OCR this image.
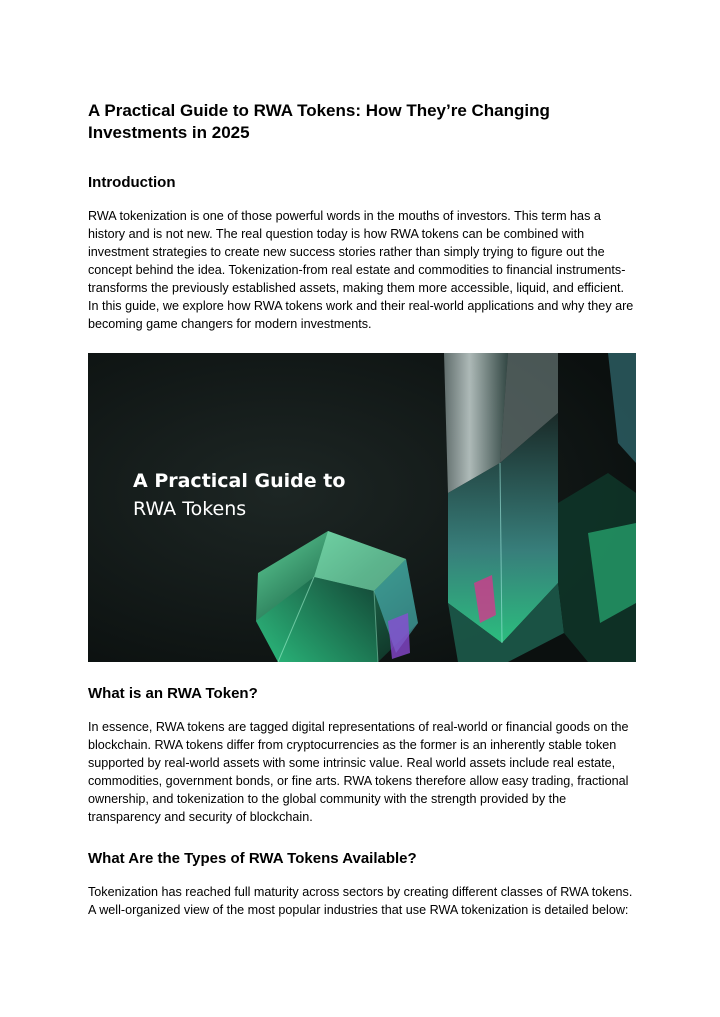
A Practical Guide to RWA Tokens: How They’re Changing Investments in 2025
Introduction

RWA tokenization is one of those powerful words in the mouths of investors. This term has a history and is not new. The real question today is how RWA tokens can be combined with investment strategies to create new success stories rather than simply trying to figure out the concept behind the idea. Tokenization-from real estate and commodities to financial instruments-transforms the previously established assets, making them more accessible, liquid, and efficient. In this guide, we explore how RWA tokens work and their real-world applications and why they are becoming game changers for modern investments.

A Practical Guide to
RWA Tokens
What is an RWA Token?

In essence, RWA tokens are tagged digital representations of real-world or financial goods on the blockchain. RWA tokens differ from cryptocurrencies as the former is an inherently stable token supported by real-world assets with some intrinsic value. Real world assets include real estate, commodities, government bonds, or fine arts. RWA tokens therefore allow easy trading, fractional ownership, and tokenization to the global community with the strength provided by the transparency and security of blockchain.

What Are the Types of RWA Tokens Available?

Tokenization has reached full maturity across sectors by creating different classes of RWA tokens. A well-organized view of the most popular industries that use RWA tokenization is detailed below:
